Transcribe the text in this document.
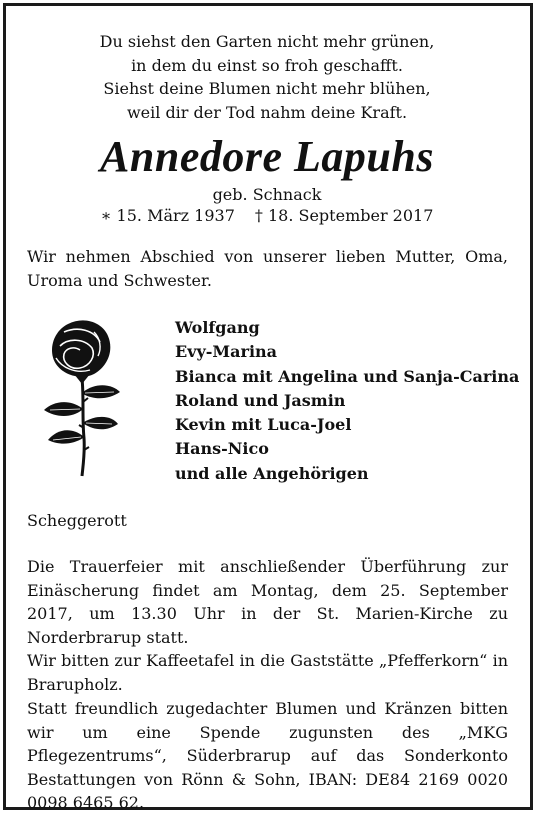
Du siehst den Garten nicht mehr grünen,
in dem du einst so froh geschafft.
Siehst deine Blumen nicht mehr blühen,
weil dir der Tod nahm deine Kraft.
Annedore Lapuhs
geb. Schnack
∗ 15. März 1937 † 18. September 2017
Wir nehmen Abschied von unserer lieben Mutter, Oma, Uroma und Schwester.
Wolfgang
Evy-Marina
Bianca mit Angelina und Sanja-Carina
Roland und Jasmin
Kevin mit Luca-Joel
Hans-Nico
und alle Angehörigen
Scheggerott
Die Trauerfeier mit anschließender Überführung zur Einäscherung findet am Montag, dem 25. September 2017, um 13.30 Uhr in der St. Marien-Kirche zu Norderbrarup statt.
Wir bitten zur Kaffeetafel in die Gaststätte „Pfefferkorn“ in Brarupholz.
Statt freundlich zugedachter Blumen und Kränzen bitten wir um eine Spende zugunsten des „MKG Pflegezentrums“, Süderbrarup auf das Sonderkonto Bestattungen von Rönn & Sohn, IBAN: DE84 2169 0020 0098 6465 62.
